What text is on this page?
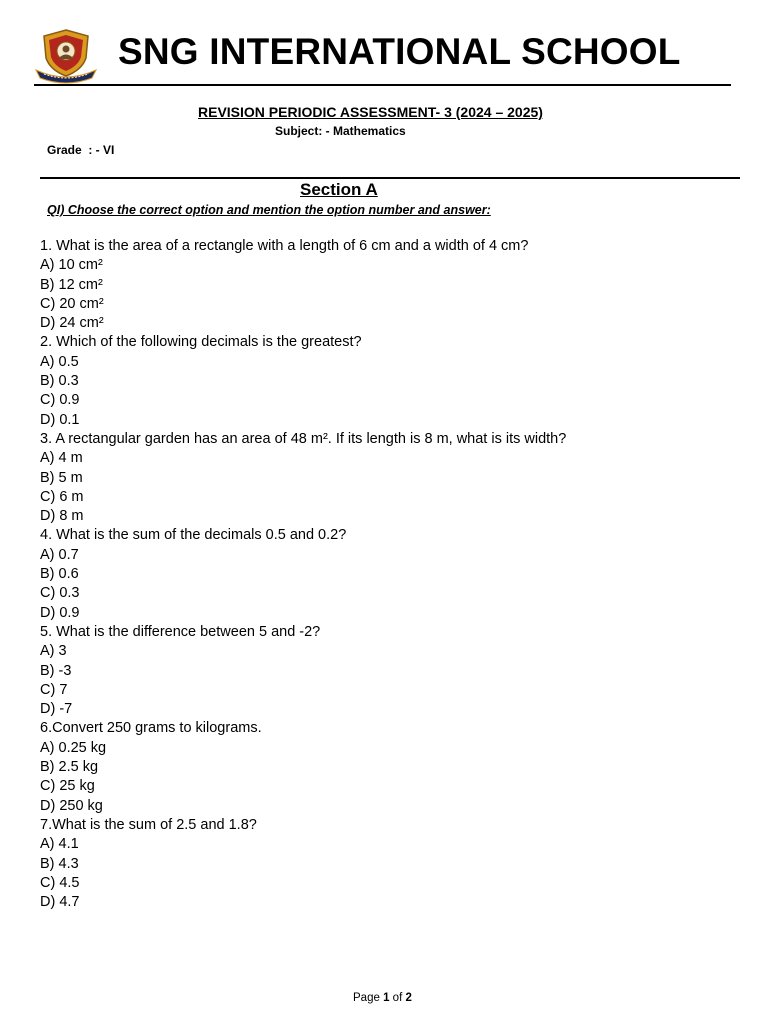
SNG INTERNATIONAL SCHOOL
REVISION PERIODIC ASSESSMENT- 3 (2024 – 2025)
Subject: - Mathematics
Grade  : - VI
Section A
QI) Choose the correct option and mention the option number and answer:
1. What is the area of a rectangle with a length of 6 cm and a width of 4 cm?
A) 10 cm²
B) 12 cm²
C) 20 cm²
D) 24 cm²
2. Which of the following decimals is the greatest?
A) 0.5
B) 0.3
C) 0.9
D) 0.1
3. A rectangular garden has an area of 48 m². If its length is 8 m, what is its width?
A) 4 m
B) 5 m
C) 6 m
D) 8 m
4. What is the sum of the decimals 0.5 and 0.2?
A) 0.7
B) 0.6
C) 0.3
D) 0.9
5. What is the difference between 5 and -2?
A) 3
B) -3
C) 7
D) -7
6.Convert 250 grams to kilograms.
A) 0.25 kg
B) 2.5 kg
C) 25 kg
D) 250 kg
7.What is the sum of 2.5 and 1.8?
A) 4.1
B) 4.3
C) 4.5
D) 4.7
Page 1 of 2
